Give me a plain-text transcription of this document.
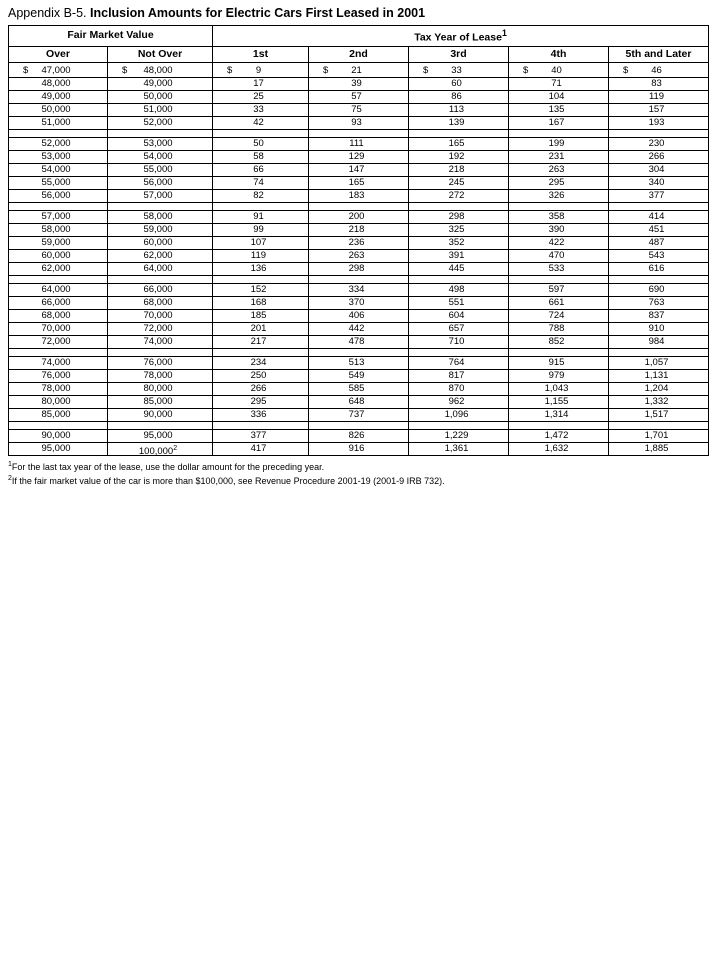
Appendix B-5. Inclusion Amounts for Electric Cars First Leased in 2001
Fair Market Value		Tax Year of Lease$^1$
Over	Not Over	1st	2nd	3rd	4th	5th and Later

$ 47,000	$ 48,000	$ 9	$ 21	$ 33	$ 40	$ 46

48,000	49,000	17	39	60	71	83

49,000	50,000	25	57	86	104	119

50,000	51,000	33	75	113	135	157

51,000	52,000	42	93	139	167	193

52,000	53,000	50	111	165	199	230

53,000	54,000	58	129	192	231	266

54,000	55,000	66	147	218	263	304

55,000	56,000	74	165	245	295	340

56,000	57,000	82	183	272	326	377

57,000	58,000	91	200	298	358	414

58,000	59,000	99	218	325	390	451

59,000	60,000	107	236	352	422	487

60,000	62,000	119	263	391	470	543

62,000	64,000	136	298	445	533	616

64,000	66,000	152	334	498	597	690

66,000	68,000	168	370	551	661	763

68,000	70,000	185	406	604	724	837

70,000	72,000	201	442	657	788	910

72,000	74,000	217	478	710	852	984

74,000	76,000	234	513	764	915	1,057

76,000	78,000	250	549	817	979	1,131

78,000	80,000	266	585	870	1,043	1,204

80,000	85,000	295	648	962	1,155	1,332

85,000	90,000	336	737	1,096	1,314	1,517

90,000	95,000	377	826	1,229	1,472	1,701

95,000	100,000$^2$	417	916	1,361	1,632	1,885
$^1$For the last tax year of the lease, use the dollar amount for the preceding year.
$^2$If the fair market value of the car is more than $100,000, see Revenue Procedure 2001-19 (2001-9 IRB 732).
